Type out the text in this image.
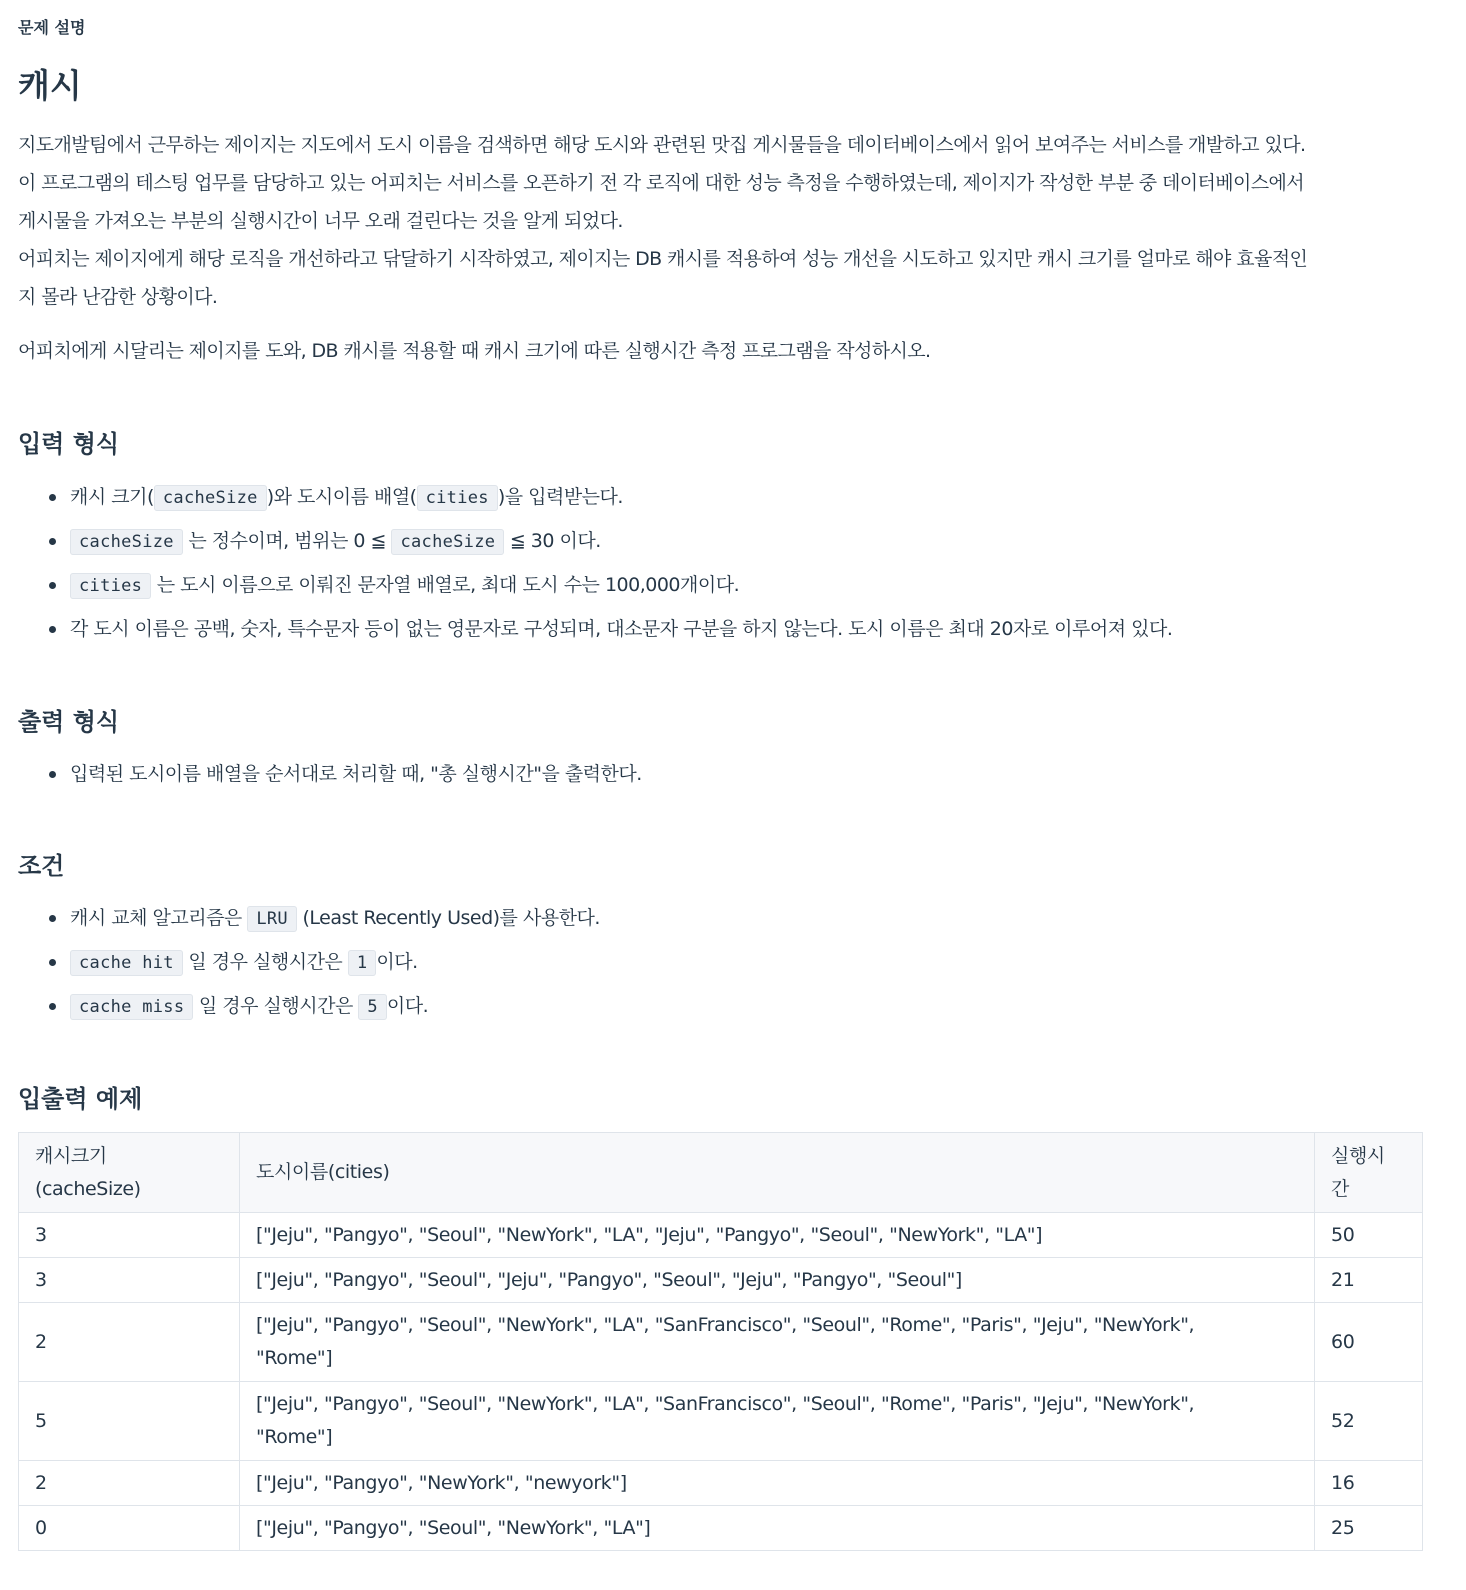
문제 설명
캐시

지도개발팀에서 근무하는 제이지는 지도에서 도시 이름을 검색하면 해당 도시와 관련된 맛집 게시물들을 데이터베이스에서 읽어 보여주는 서비스를 개발하고 있다.

이 프로그램의 테스팅 업무를 담당하고 있는 어피치는 서비스를 오픈하기 전 각 로직에 대한 성능 측정을 수행하였는데, 제이지가 작성한 부분 중 데이터베이스에서

게시물을 가져오는 부분의 실행시간이 너무 오래 걸린다는 것을 알게 되었다.

어피치는 제이지에게 해당 로직을 개선하라고 닦달하기 시작하였고, 제이지는 DB 캐시를 적용하여 성능 개선을 시도하고 있지만 캐시 크기를 얼마로 해야 효율적인

지 몰라 난감한 상황이다.

어피치에게 시달리는 제이지를 도와, DB 캐시를 적용할 때 캐시 크기에 따른 실행시간 측정 프로그램을 작성하시오.

입력 형식
캐시 크기( cacheSize )와 도시이름 배열( cities )을 입력받는다.
cacheSize 는 정수이며, 범위는 0 ≦ cacheSize ≦ 30 이다.
cities 는 도시 이름으로 이뤄진 문자열 배열로, 최대 도시 수는 100,000개이다.
각 도시 이름은 공백, 숫자, 특수문자 등이 없는 영문자로 구성되며, 대소문자 구분을 하지 않는다. 도시 이름은 최대 20자로 이루어져 있다.
출력 형식
입력된 도시이름 배열을 순서대로 처리할 때, "총 실행시간"을 출력한다.
조건
캐시 교체 알고리즘은 LRU (Least Recently Used)를 사용한다.
cache hit 일 경우 실행시간은 1 이다.
cache miss 일 경우 실행시간은 5 이다.
입출력 예제
캐시크기
(cacheSize)	도시이름(cities)	실행시
간
3	["Jeju", "Pangyo", "Seoul", "NewYork", "LA", "Jeju", "Pangyo", "Seoul", "NewYork", "LA"]	50
3	["Jeju", "Pangyo", "Seoul", "Jeju", "Pangyo", "Seoul", "Jeju", "Pangyo", "Seoul"]	21
2	["Jeju", "Pangyo", "Seoul", "NewYork", "LA", "SanFrancisco", "Seoul", "Rome", "Paris", "Jeju", "NewYork",
"Rome"]	60
5	["Jeju", "Pangyo", "Seoul", "NewYork", "LA", "SanFrancisco", "Seoul", "Rome", "Paris", "Jeju", "NewYork",
"Rome"]	52
2	["Jeju", "Pangyo", "NewYork", "newyork"]	16
0	["Jeju", "Pangyo", "Seoul", "NewYork", "LA"]	25
